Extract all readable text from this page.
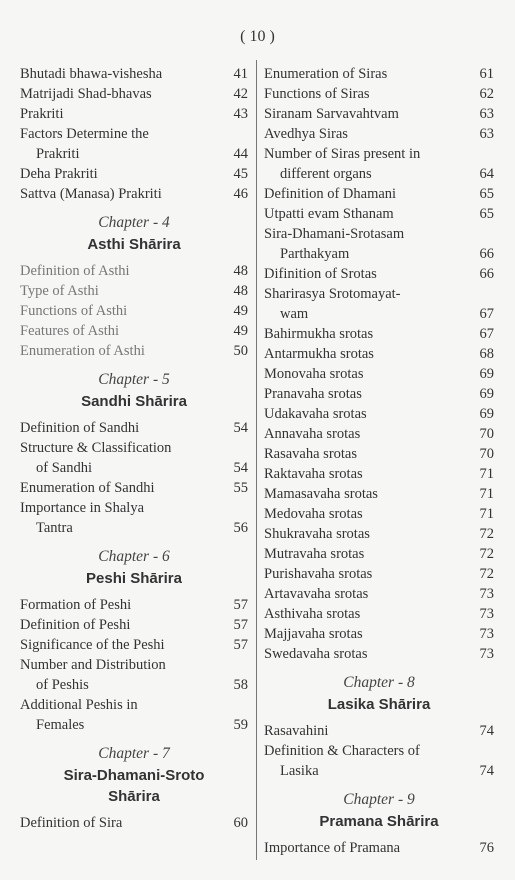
( 10 )
Bhutadi bhawa-vishesha	41
Matrijadi Shad-bhavas	42
Prakriti	43
Factors Determine the
Prakriti	44
Deha Prakriti	45
Sattva (Manasa) Prakriti	46
Chapter - 4
Asthi Shārira
Definition of Asthi	48
Type of Asthi	48
Functions of Asthi	49
Features of Asthi	49
Enumeration of Asthi	50
Chapter - 5
Sandhi Shārira
Definition of Sandhi	54
Structure & Classification
of Sandhi	54
Enumeration of Sandhi	55
Importance in Shalya
Tantra	56
Chapter - 6
Peshi Shārira
Formation of Peshi	57
Definition of Peshi	57
Significance of the Peshi	57
Number and Distribution
of Peshis	58
Additional Peshis in
Females	59
Chapter - 7
Sira-Dhamani-Sroto
Shārira
Definition of Sira	60
Enumeration of Siras	61
Functions of Siras	62
Siranam Sarvavahtvam	63
Avedhya Siras	63
Number of Siras present in
different organs	64
Definition of Dhamani	65
Utpatti evam Sthanam	65
Sira-Dhamani-Srotasam
Parthakyam	66
Difinition of Srotas	66
Sharirasya Srotomayat-
wam	67
Bahirmukha srotas	67
Antarmukha srotas	68
Monovaha srotas	69
Pranavaha srotas	69
Udakavaha srotas	69
Annavaha srotas	70
Rasavaha srotas	70
Raktavaha srotas	71
Mamasavaha srotas	71
Medovaha srotas	71
Shukravaha srotas	72
Mutravaha srotas	72
Purishavaha srotas	72
Artavavaha srotas	73
Asthivaha srotas	73
Majjavaha srotas	73
Swedavaha srotas	73
Chapter - 8
Lasika Shārira
Rasavahini	74
Definition & Characters of
Lasika	74
Chapter - 9
Pramana Shārira
Importance of Pramana	76
